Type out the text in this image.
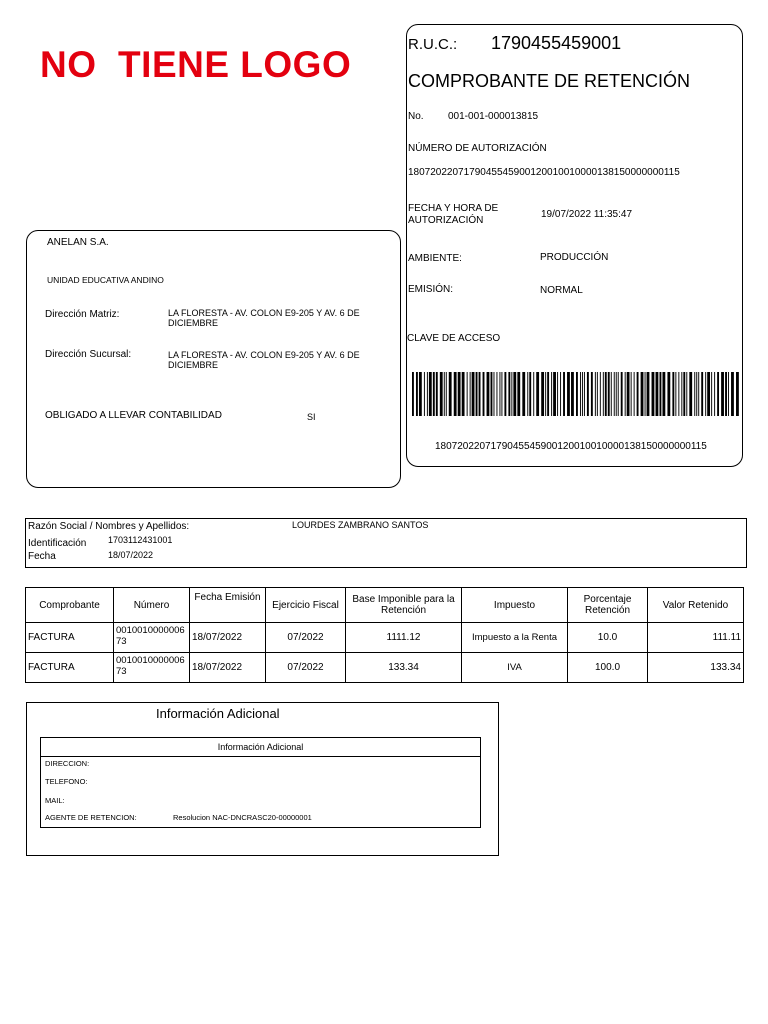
NO  TIENE LOGO	R.U.C.: 1790455459001
COMPROBANTE DE RETENCIÓN
No. 001-001-000013815
NÚMERO DE AUTORIZACIÓN
1807202207179045545900120010010000138150000000115
FECHA Y HORA DE
AUTORIZACIÓN
19/07/2022 11:35:47
AMBIENTE:	PRODUCCIÓN
EMISIÓN:	NORMAL
CLAVE DE ACCESO
1807202207179045545900120010010000138150000000115
ANELAN S.A.
UNIDAD EDUCATIVA ANDINO
Dirección Matriz:	LA FLORESTA - AV. COLON E9-205 Y AV. 6 DE DICIEMBRE
Dirección Sucursal:	LA FLORESTA - AV. COLON E9-205 Y AV. 6 DE DICIEMBRE
OBLIGADO A LLEVAR CONTABILIDAD	SI
Razón Social / Nombres y Apellidos:	LOURDES ZAMBRANO SANTOS
Identificación 1703112431001
Fecha	18/07/2022
Comprobante	Número	Fecha Emisión	Ejercicio Fiscal	Base Imponible para la Retención	Impuesto	Porcentaje Retención	Valor Retenido
FACTURA	001001000000673	18/07/2022	07/2022	1111.12	Impuesto a la Renta	10.0	111.11
FACTURA	001001000000673	18/07/2022	07/2022	133.34	IVA	100.0	133.34
Información Adicional
Información Adicional
DIRECCION:
TELEFONO:
MAIL:
AGENTE DE RETENCION:	Resolucion NAC-DNCRASC20-00000001
